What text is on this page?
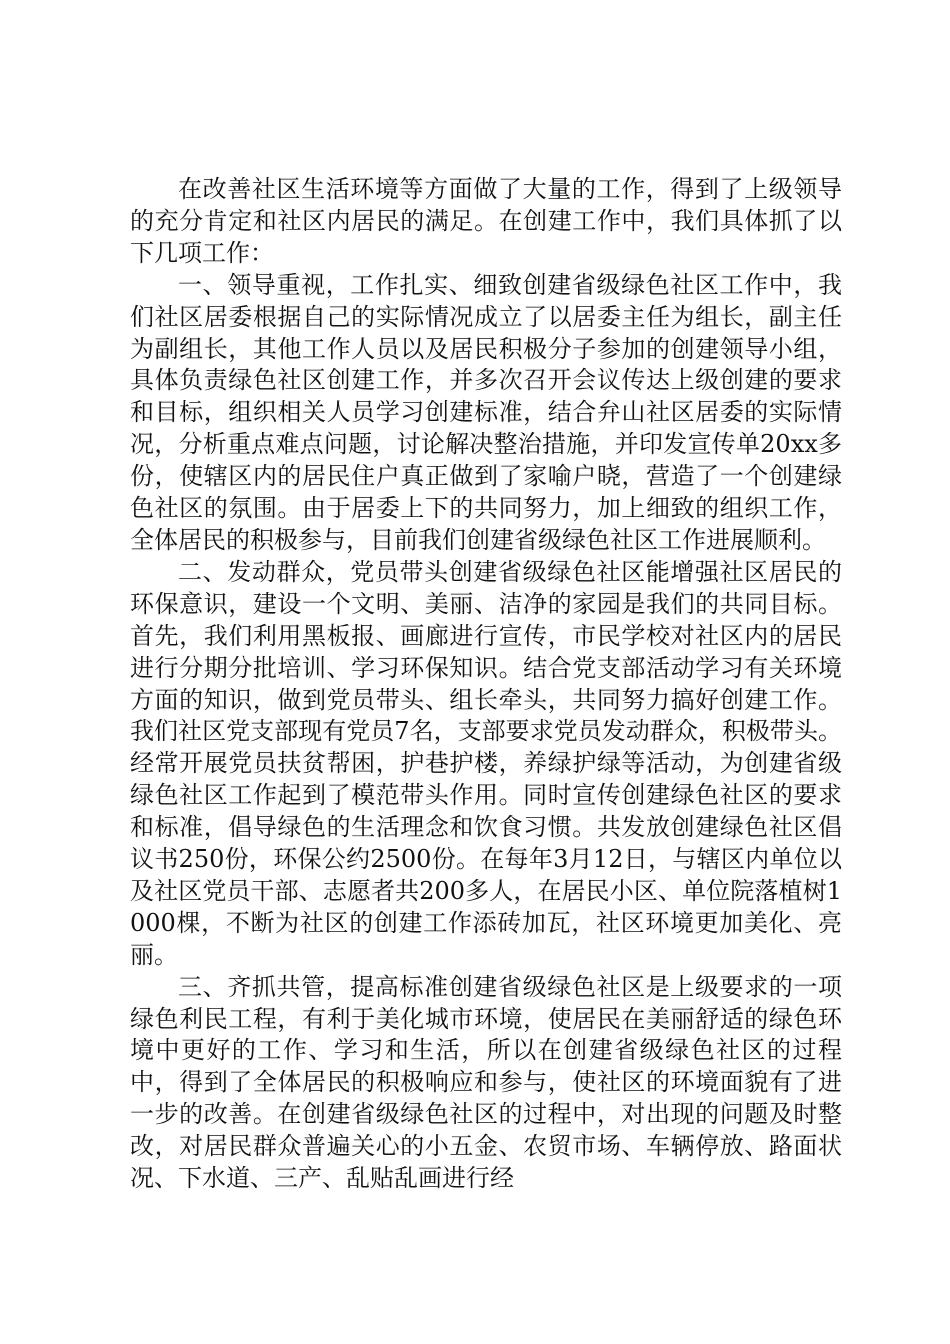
在改善社区生活环境等方面做了大量的工作，得到了上级领导的充分肯定和社区内居民的满足。在创建工作中，我们具体抓了以下几项工作：

一、领导重视，工作扎实、细致创建省级绿色社区工作中，我们社区居委根据自己的实际情况成立了以居委主任为组长，副主任为副组长，其他工作人员以及居民积极分子参加的创建领导小组，具体负责绿色社区创建工作，并多次召开会议传达上级创建的要求和目标，组织相关人员学习创建标准，结合弁山社区居委的实际情况，分析重点难点问题，讨论解决整治措施，并印发宣传单20xx多份，使辖区内的居民住户真正做到了家喻户晓，营造了一个创建绿色社区的氛围。由于居委上下的共同努力，加上细致的组织工作，全体居民的积极参与，目前我们创建省级绿色社区工作进展顺利。

二、发动群众，党员带头创建省级绿色社区能增强社区居民的环保意识，建设一个文明、美丽、洁净的家园是我们的共同目标。首先，我们利用黑板报、画廊进行宣传，市民学校对社区内的居民进行分期分批培训、学习环保知识。结合党支部活动学习有关环境方面的知识，做到党员带头、组长牵头，共同努力搞好创建工作。我们社区党支部现有党员7名，支部要求党员发动群众，积极带头。经常开展党员扶贫帮困，护巷护楼，养绿护绿等活动，为创建省级绿色社区工作起到了模范带头作用。同时宣传创建绿色社区的要求和标准，倡导绿色的生活理念和饮食习惯。共发放创建绿色社区倡议书250份，环保公约2500份。在每年3月12日，与辖区内单位以及社区党员干部、志愿者共200多人，在居民小区、单位院落植树1000棵，不断为社区的创建工作添砖加瓦，社区环境更加美化、亮丽。

三、齐抓共管，提高标准创建省级绿色社区是上级要求的一项绿色利民工程，有利于美化城市环境，使居民在美丽舒适的绿色环境中更好的工作、学习和生活，所以在创建省级绿色社区的过程中，得到了全体居民的积极响应和参与，使社区的环境面貌有了进一步的改善。在创建省级绿色社区的过程中，对出现的问题及时整改，对居民群众普遍关心的小五金、农贸市场、车辆停放、路面状况、下水道、三产、乱贴乱画进行经
